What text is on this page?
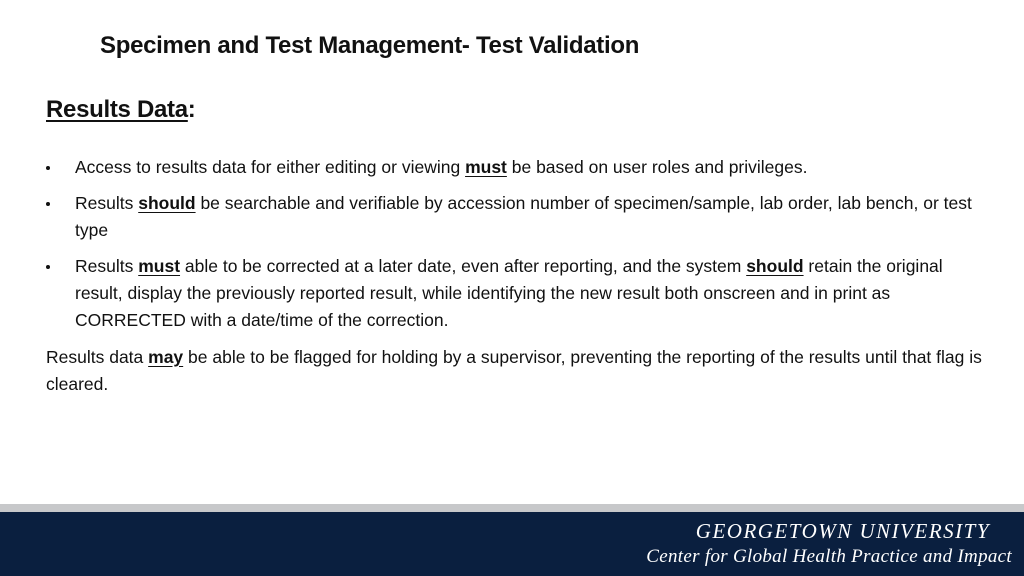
Specimen and Test Management- Test Validation
Results Data:
Access to results data for either editing or viewing must be based on user roles and privileges.
Results should be searchable and verifiable by accession number of specimen/sample, lab order, lab bench, or test type
Results must able to be corrected at a later date, even after reporting, and the system should retain the original result, display the previously reported result, while identifying the new result both onscreen and in print as CORRECTED with a date/time of the correction.

Results data may be able to be flagged for holding by a supervisor, preventing the reporting of the results until that flag is cleared.

GEORGETOWN UNIVERSITY
Center for Global Health Practice and Impact
